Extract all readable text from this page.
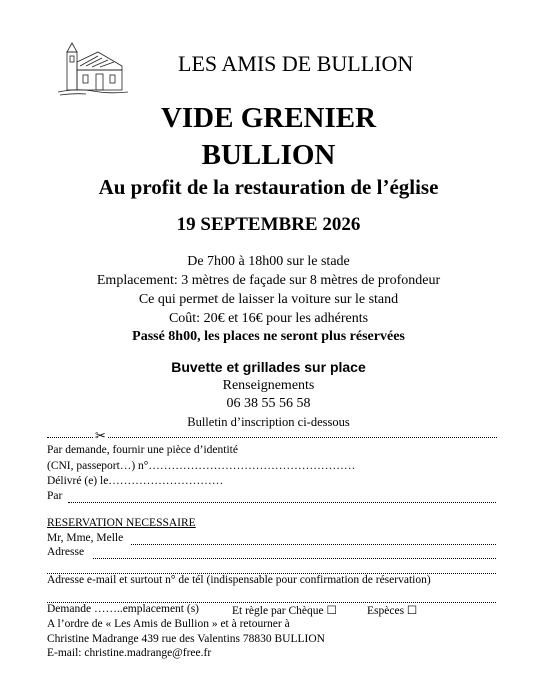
LES AMIS DE BULLION
VIDE GRENIER
BULLION
Au profit de la restauration de l’église
19 SEPTEMBRE 2026
De 7h00 à 18h00 sur le stade
Emplacement: 3 mètres de façade sur 8 mètres de profondeur
Ce qui permet de laisser la voiture sur le stand
Coût: 20€ et 16€ pour les adhérents
Passé 8h00, les places ne seront plus réservées
Buvette et grillades sur place
Renseignements
06 38 55 56 58
Bulletin d’inscription ci-dessous
✂
Par demande, fournir une pièce d’identité
(CNI, passeport…) n°………………………………………………
Délivré (e) le…………………………
Par
RESERVATION NECESSAIRE
Mr, Mme, Melle
Adresse
Adresse e-mail et surtout n° de tél (indispensable pour confirmation de réservation)
Demande ……..emplacement (s)	Et règle par Chèque ☐	Espèces ☐
A l’ordre de « Les Amis de Bullion » et à retourner à
Christine Madrange 439 rue des Valentins 78830 BULLION
E-mail: christine.madrange@free.fr
